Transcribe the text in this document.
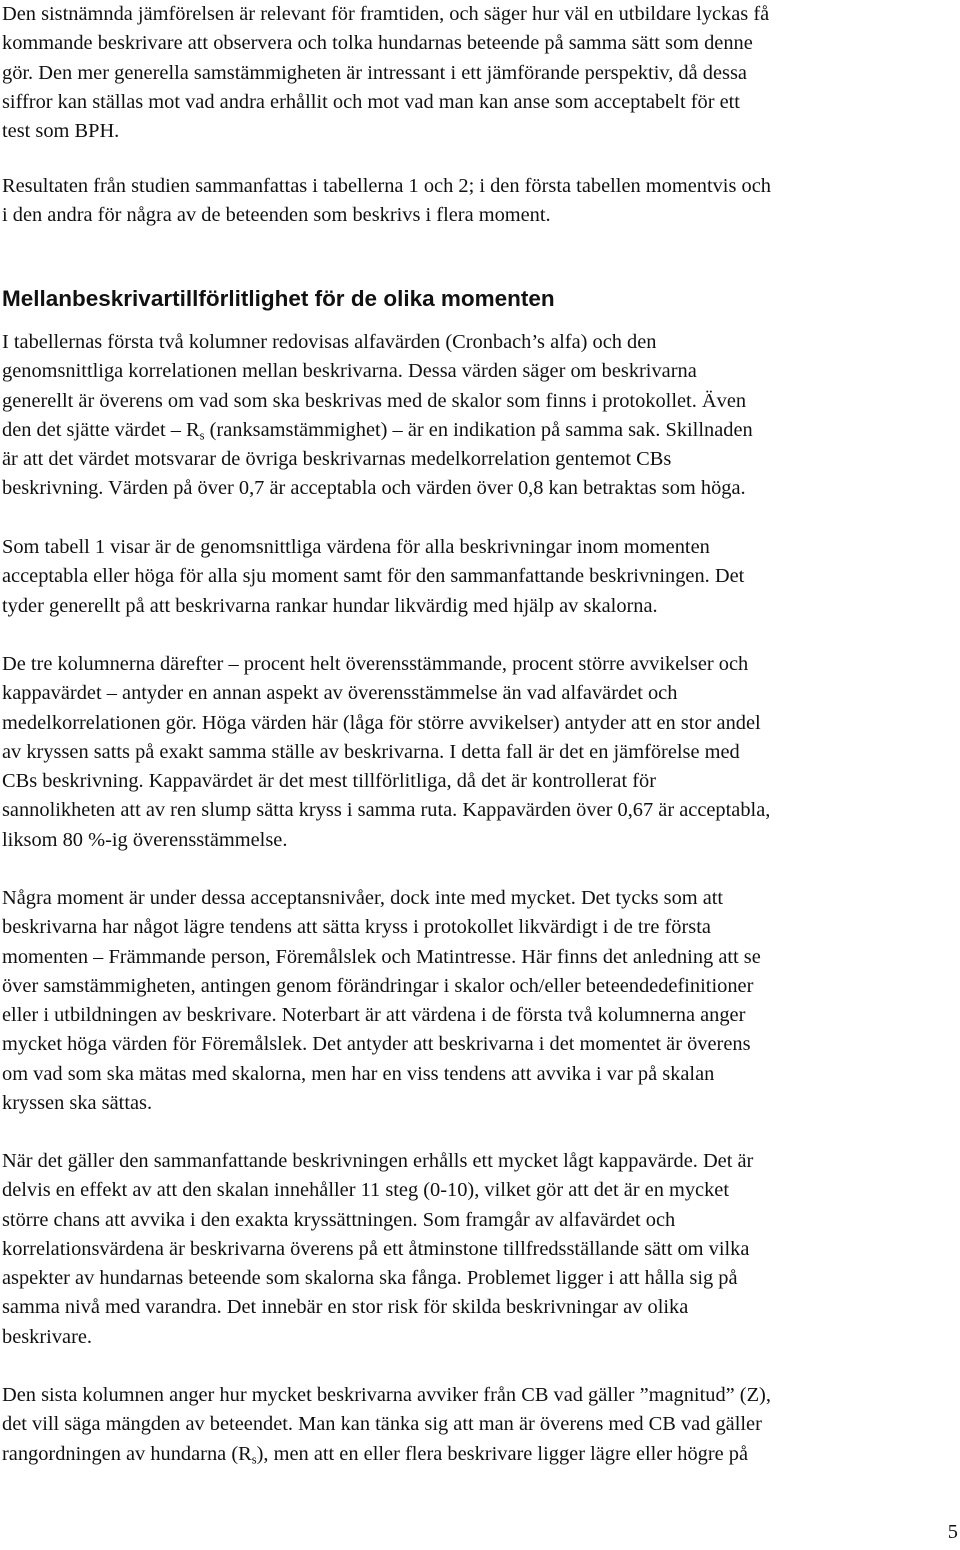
Den sistnämnda jämförelsen är relevant för framtiden, och säger hur väl en utbildare lyckas få
kommande beskrivare att observera och tolka hundarnas beteende på samma sätt som denne
gör. Den mer generella samstämmigheten är intressant i ett jämförande perspektiv, då dessa
siffror kan ställas mot vad andra erhållit och mot vad man kan anse som acceptabelt för ett
test som BPH.
Resultaten från studien sammanfattas i tabellerna 1 och 2; i den första tabellen momentvis och
i den andra för några av de beteenden som beskrivs i flera moment.
Mellanbeskrivartillförlitlighet för de olika momenten
I tabellernas första två kolumner redovisas alfavärden (Cronbach’s alfa) och den
genomsnittliga korrelationen mellan beskrivarna. Dessa värden säger om beskrivarna
generellt är överens om vad som ska beskrivas med de skalor som finns i protokollet. Även
den det sjätte värdet – $R_s$ (ranksamstämmighet) – är en indikation på samma sak. Skillnaden
är att det värdet motsvarar de övriga beskrivarnas medelkorrelation gentemot CBs
beskrivning. Värden på över 0,7 är acceptabla och värden över 0,8 kan betraktas som höga.
Som tabell 1 visar är de genomsnittliga värdena för alla beskrivningar inom momenten
acceptabla eller höga för alla sju moment samt för den sammanfattande beskrivningen. Det
tyder generellt på att beskrivarna rankar hundar likvärdig med hjälp av skalorna.
De tre kolumnerna därefter – procent helt överensstämmande, procent större avvikelser och
kappavärdet – antyder en annan aspekt av överensstämmelse än vad alfavärdet och
medelkorrelationen gör. Höga värden här (låga för större avvikelser) antyder att en stor andel
av kryssen satts på exakt samma ställe av beskrivarna. I detta fall är det en jämförelse med
CBs beskrivning. Kappavärdet är det mest tillförlitliga, då det är kontrollerat för
sannolikheten att av ren slump sätta kryss i samma ruta. Kappavärden över 0,67 är acceptabla,
liksom 80 %-ig överensstämmelse.
Några moment är under dessa acceptansnivåer, dock inte med mycket. Det tycks som att
beskrivarna har något lägre tendens att sätta kryss i protokollet likvärdigt i de tre första
momenten – Främmande person, Föremålslek och Matintresse. Här finns det anledning att se
över samstämmigheten, antingen genom förändringar i skalor och/eller beteendedefinitioner
eller i utbildningen av beskrivare. Noterbart är att värdena i de första två kolumnerna anger
mycket höga värden för Föremålslek. Det antyder att beskrivarna i det momentet är överens
om vad som ska mätas med skalorna, men har en viss tendens att avvika i var på skalan
kryssen ska sättas.
När det gäller den sammanfattande beskrivningen erhålls ett mycket lågt kappavärde. Det är
delvis en effekt av att den skalan innehåller 11 steg (0-10), vilket gör att det är en mycket
större chans att avvika i den exakta kryssättningen. Som framgår av alfavärdet och
korrelationsvärdena är beskrivarna överens på ett åtminstone tillfredsställande sätt om vilka
aspekter av hundarnas beteende som skalorna ska fånga. Problemet ligger i att hålla sig på
samma nivå med varandra. Det innebär en stor risk för skilda beskrivningar av olika
beskrivare.
Den sista kolumnen anger hur mycket beskrivarna avviker från CB vad gäller ”magnitud” (Z),
det vill säga mängden av beteendet. Man kan tänka sig att man är överens med CB vad gäller
rangordningen av hundarna $(R_s)$, men att en eller flera beskrivare ligger lägre eller högre på
5
